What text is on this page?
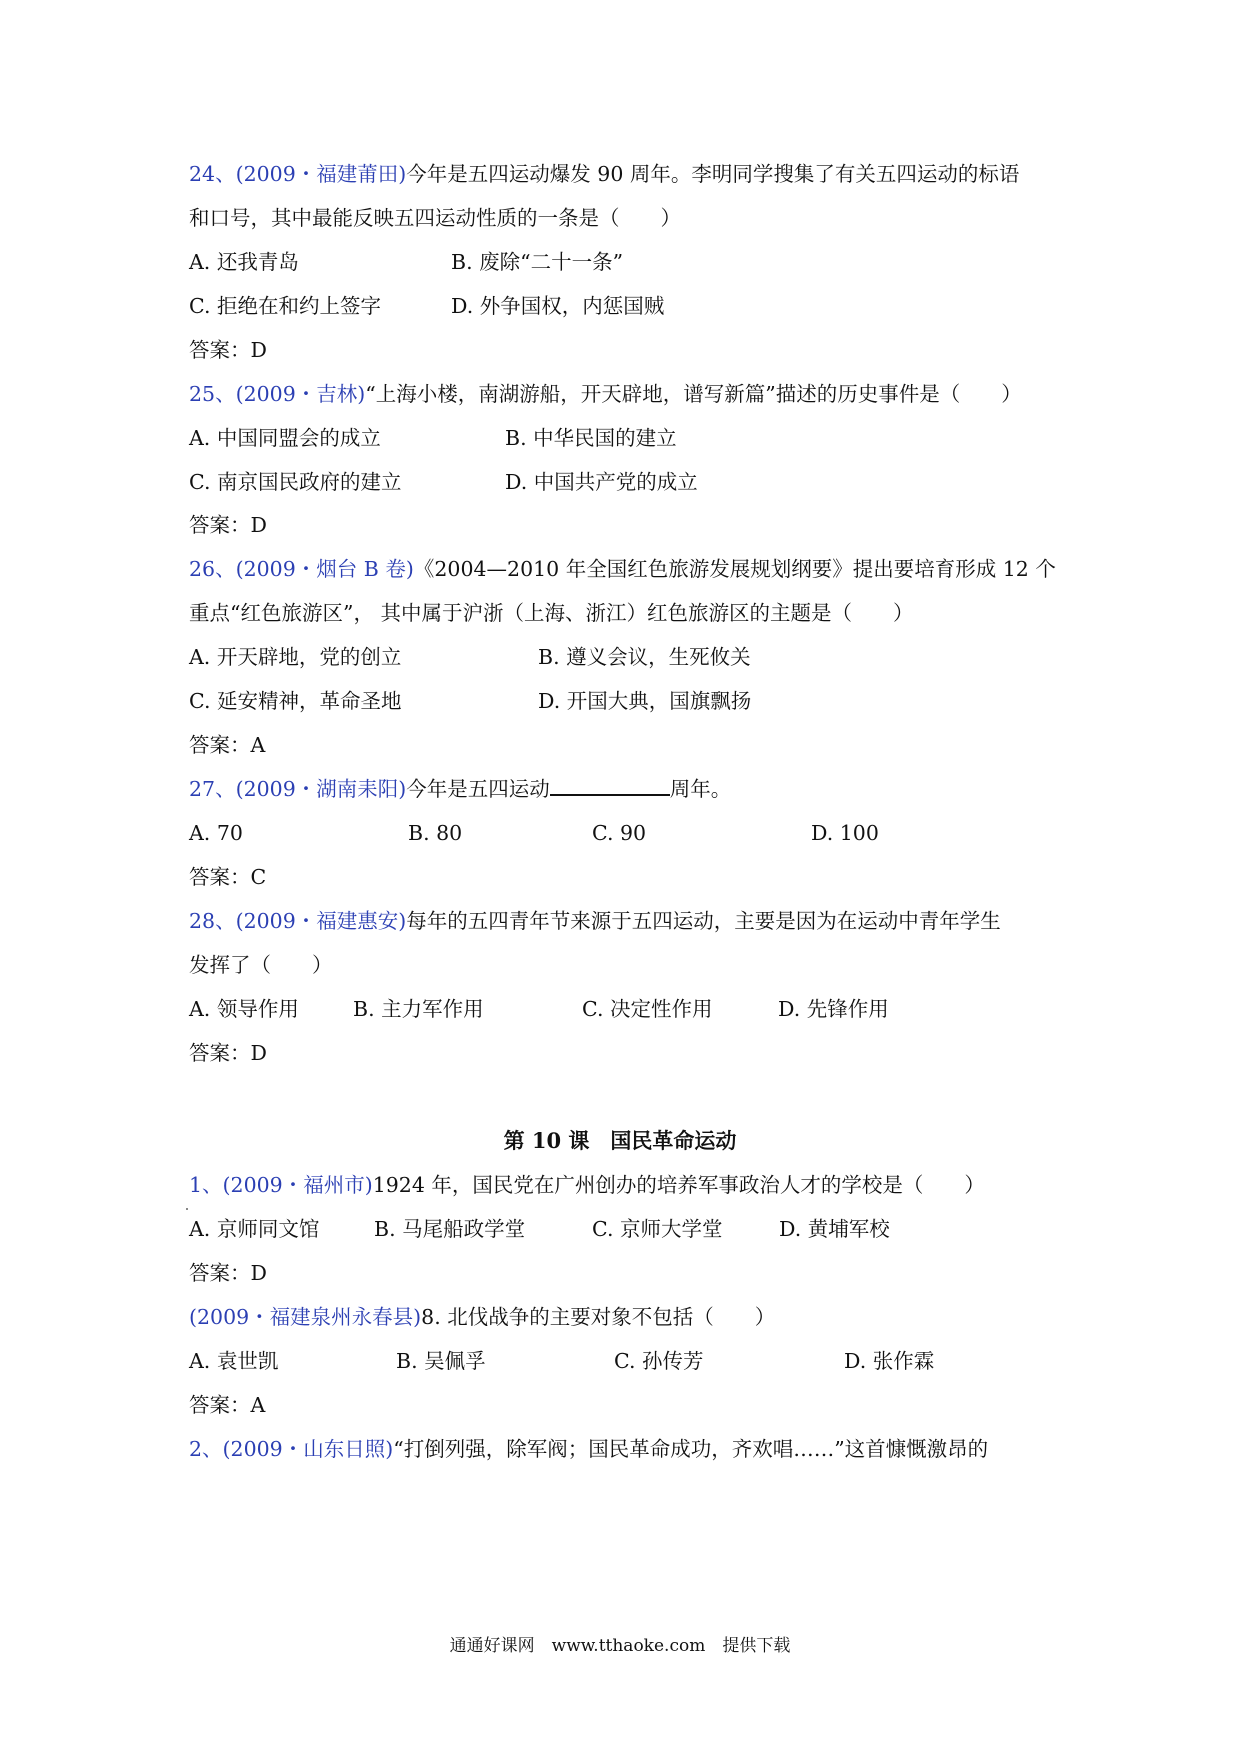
24、(2009・福建莆田)今年是五四运动爆发 90 周年。李明同学搜集了有关五四运动的标语
和口号，其中最能反映五四运动性质的一条是（　　）
A. 还我青岛	B. 废除“二十一条”
C. 拒绝在和约上签字	D. 外争国权，内惩国贼
答案：D
25、(2009・吉林)“上海小楼，南湖游船，开天辟地，谱写新篇”描述的历史事件是（　　）
A. 中国同盟会的成立	B. 中华民国的建立
C. 南京国民政府的建立	D. 中国共产党的成立
答案：D
26、(2009・烟台 B 卷)《2004—2010 年全国红色旅游发展规划纲要》提出要培育形成 12 个
重点“红色旅游区”， 其中属于沪浙（上海、浙江）红色旅游区的主题是（　　）
A. 开天辟地，党的创立	B. 遵义会议，生死攸关
C. 延安精神，革命圣地	D. 开国大典，国旗飘扬
答案：A
27、(2009・湖南耒阳)今年是五四运动	周年。
A. 70	B. 80	C. 90	D. 100
答案：C
28、(2009・福建惠安)每年的五四青年节来源于五四运动，主要是因为在运动中青年学生
发挥了（　　）
A. 领导作用	B. 主力军作用	C. 决定性作用	D. 先锋作用
答案：D
第 10 课　国民革命运动
1、(2009・福州市)1924 年，国民党在广州创办的培养军事政治人才的学校是（　　）
A. 京师同文馆	B. 马尾船政学堂	C. 京师大学堂	D. 黄埔军校
答案：D
(2009・福建泉州永春县)8. 北伐战争的主要对象不包括（　　）
A. 袁世凯	B. 吴佩孚	C. 孙传芳	D. 张作霖
答案：A
2、(2009・山东日照)“打倒列强，除军阀；国民革命成功，齐欢唱……”这首慷慨激昂的
通通好课网　www.tthaoke.com　提供下载
